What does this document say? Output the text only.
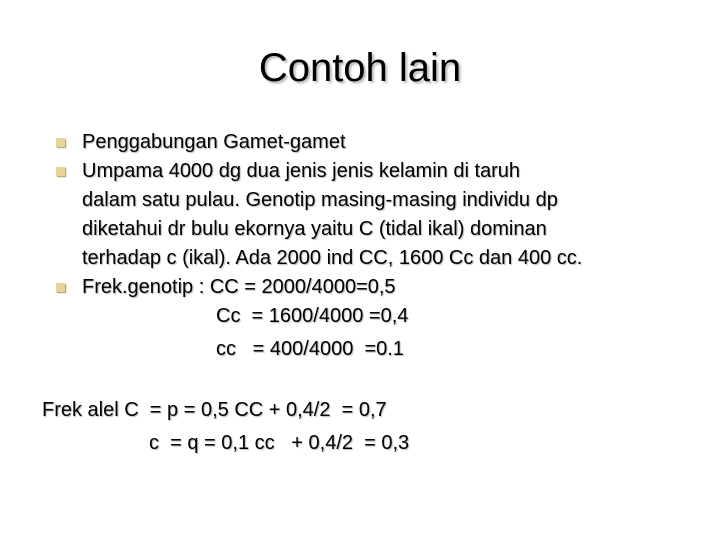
Contoh lain
Penggabungan Gamet-gamet
Umpama 4000 dg dua jenis jenis kelamin di taruh
dalam satu pulau. Genotip masing-masing individu dp
diketahui dr bulu ekornya yaitu C (tidal ikal) dominan
terhadap c (ikal). Ada 2000 ind CC, 1600 Cc dan 400 cc.
Frek.genotip : CC = 2000/4000=0,5
Cc  = 1600/4000 =0,4
cc   = 400/4000  =0.1
Frek alel C  = p = 0,5 CC + 0,4/2  = 0,7
c  = q = 0,1 cc   + 0,4/2  = 0,3
